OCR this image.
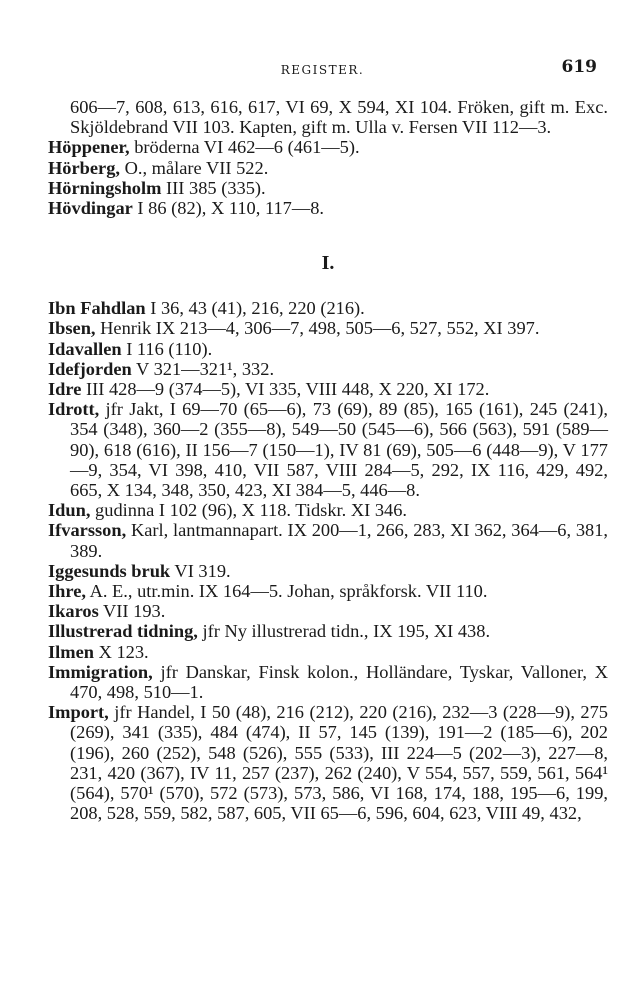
REGISTER.	619

606—7, 608, 613, 616, 617, VI 69, X 594, XI 104. Fröken, gift m. Exc. Skjöldebrand VII 103. Kapten, gift m. Ulla v. Fersen VII 112—3.

Höppener, bröderna VI 462—6 (461—5).

Hörberg, O., målare VII 522.

Hörningsholm III 385 (335).

Hövdingar I 86 (82), X 110, 117—8.

I.

Ibn Fahdlan I 36, 43 (41), 216, 220 (216).

Ibsen, Henrik IX 213—4, 306—7, 498, 505—6, 527, 552, XI 397.

Idavallen I 116 (110).

Idefjorden V 321—321¹, 332.

Idre III 428—9 (374—5), VI 335, VIII 448, X 220, XI 172.

Idrott, jfr Jakt, I 69—70 (65—6), 73 (69), 89 (85), 165 (161), 245 (241), 354 (348), 360—2 (355—8), 549—50 (545—6), 566 (563), 591 (589—90), 618 (616), II 156—7 (150—1), IV 81 (69), 505—6 (448—9), V 177—9, 354, VI 398, 410, VII 587, VIII 284—5, 292, IX 116, 429, 492, 665, X 134, 348, 350, 423, XI 384—5, 446—8.

Idun, gudinna I 102 (96), X 118. Tidskr. XI 346.

Ifvarsson, Karl, lantmannapart. IX 200—1, 266, 283, XI 362, 364—6, 381, 389.

Iggesunds bruk VI 319.

Ihre, A. E., utr.min. IX 164—5. Johan, språkforsk. VII 110.

Ikaros VII 193.

Illustrerad tidning, jfr Ny illustrerad tidn., IX 195, XI 438.

Ilmen X 123.

Immigration, jfr Danskar, Finsk kolon., Holländare, Tyskar, Valloner, X 470, 498, 510—1.

Import, jfr Handel, I 50 (48), 216 (212), 220 (216), 232—3 (228—9), 275 (269), 341 (335), 484 (474), II 57, 145 (139), 191—2 (185—6), 202 (196), 260 (252), 548 (526), 555 (533), III 224—5 (202—3), 227—8, 231, 420 (367), IV 11, 257 (237), 262 (240), V 554, 557, 559, 561, 564¹ (564), 570¹ (570), 572 (573), 573, 586, VI 168, 174, 188, 195—6, 199, 208, 528, 559, 582, 587, 605, VII 65—6, 596, 604, 623, VIII 49, 432,
